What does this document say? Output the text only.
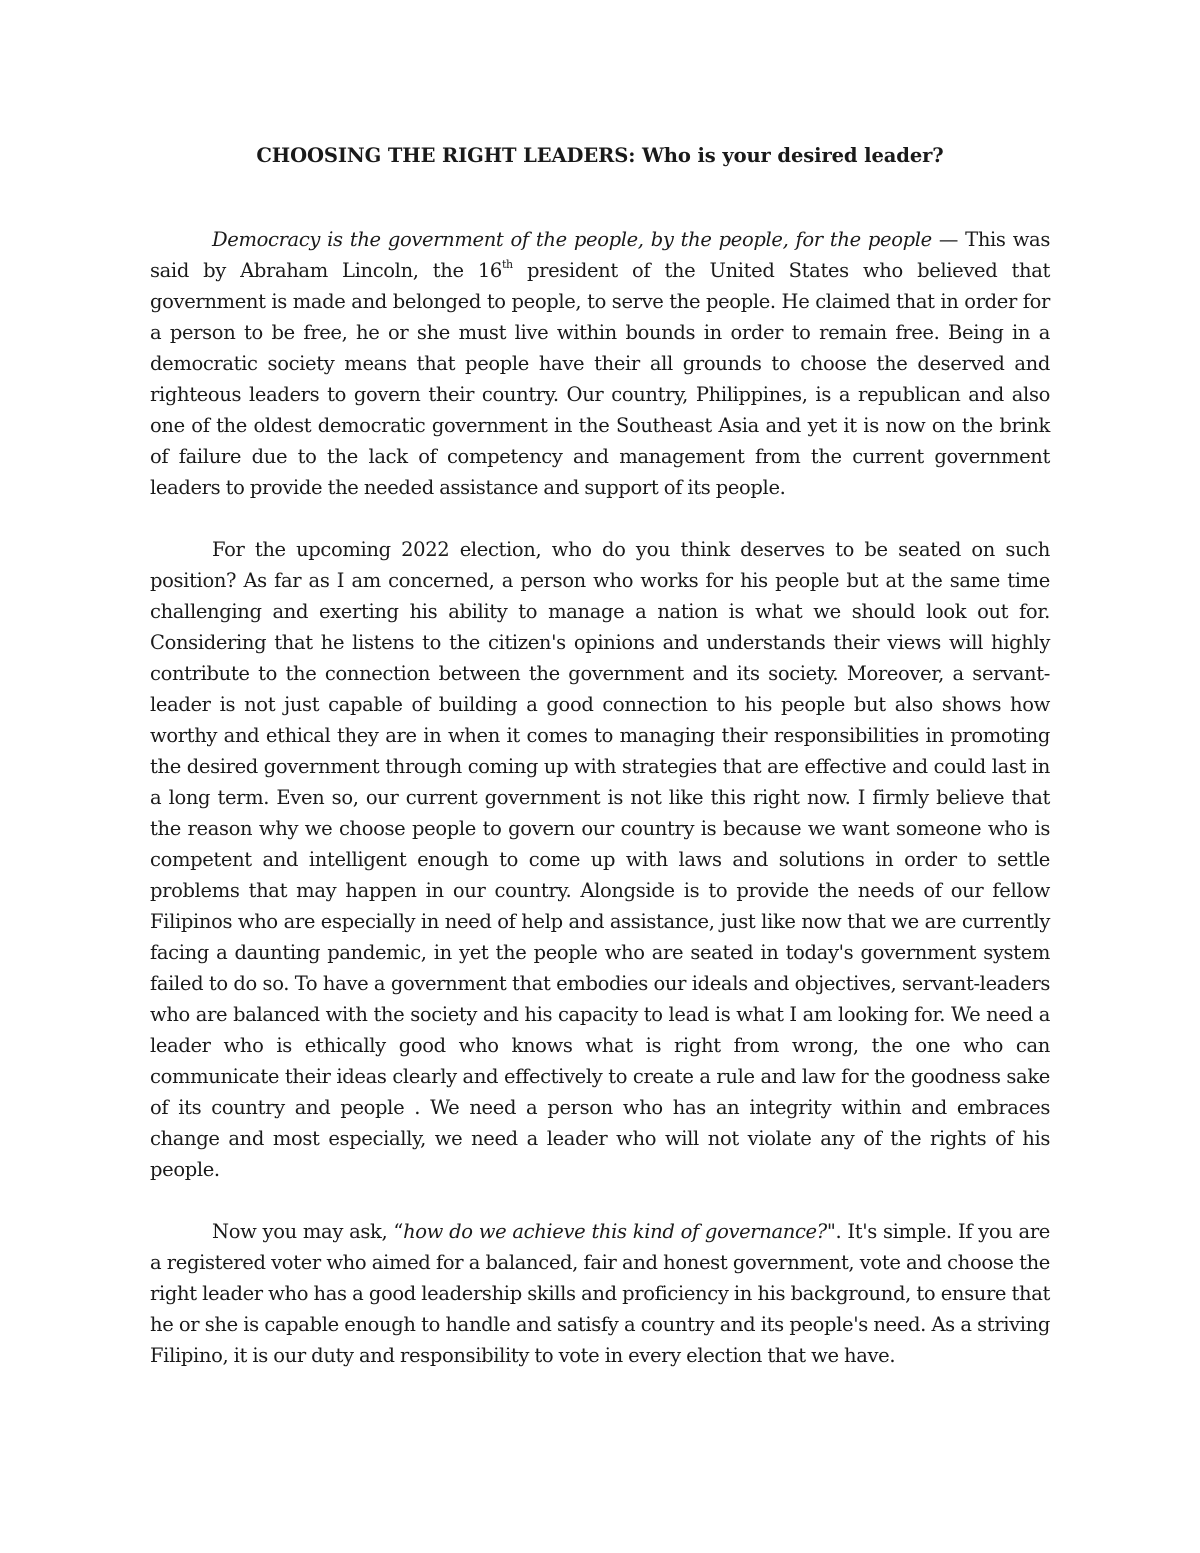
CHOOSING THE RIGHT LEADERS: Who is your desired leader?

Democracy is the government of the people, by the people, for the people — This was said by Abraham Lincoln, the 16th president of the United States who believed that government is made and belonged to people, to serve the people. He claimed that in order for a person to be free, he or she must live within bounds in order to remain free. Being in a democratic society means that people have their all grounds to choose the deserved and righteous leaders to govern their country. Our country, Philippines, is a republican and also one of the oldest democratic government in the Southeast Asia and yet it is now on the brink of failure due to the lack of competency and management from the current government leaders to provide the needed assistance and support of its people.

For the upcoming 2022 election, who do you think deserves to be seated on such position? As far as I am concerned, a person who works for his people but at the same time challenging and exerting his ability to manage a nation is what we should look out for. Considering that he listens to the citizen's opinions and understands their views will highly contribute to the connection between the government and its society. Moreover, a servant-leader is not just capable of building a good connection to his people but also shows how worthy and ethical they are in when it comes to managing their responsibilities in promoting the desired government through coming up with strategies that are effective and could last in a long term. Even so, our current government is not like this right now. I firmly believe that the reason why we choose people to govern our country is because we want someone who is competent and intelligent enough to come up with laws and solutions in order to settle problems that may happen in our country. Alongside is to provide the needs of our fellow Filipinos who are especially in need of help and assistance, just like now that we are currently facing a daunting pandemic, in yet the people who are seated in today's government system failed to do so. To have a government that embodies our ideals and objectives, servant-leaders who are balanced with the society and his capacity to lead is what I am looking for. We need a leader who is ethically good who knows what is right from wrong, the one who can communicate their ideas clearly and effectively to create a rule and law for the goodness sake of its country and people . We need a person who has an integrity within and embraces change and most especially, we need a leader who will not violate any of the rights of his people.

Now you may ask, “how do we achieve this kind of governance?". It's simple. If you are a registered voter who aimed for a balanced, fair and honest government, vote and choose the right leader who has a good leadership skills and proficiency in his background, to ensure that he or she is capable enough to handle and satisfy a country and its people's need. As a striving Filipino, it is our duty and responsibility to vote in every election that we have.
